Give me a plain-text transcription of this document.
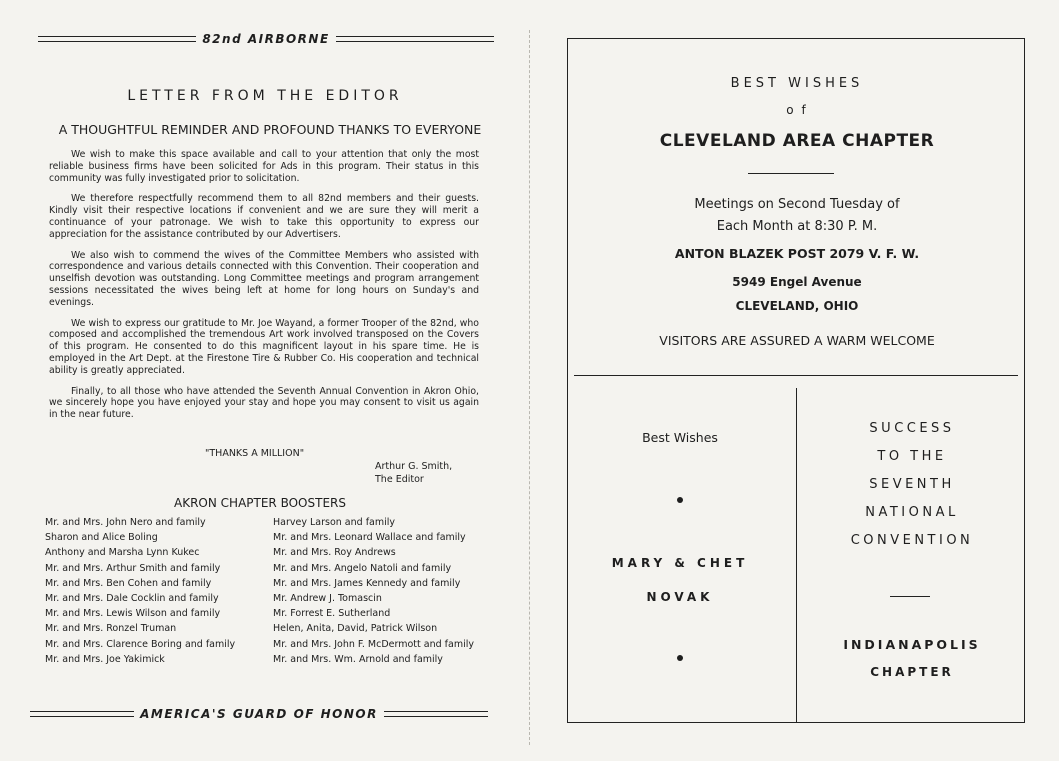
82nd AIRBORNE
LETTER FROM THE EDITOR
A THOUGHTFUL REMINDER AND PROFOUND THANKS TO EVERYONE

We wish to make this space available and call to your attention that only the most reliable business firms have been solicited for Ads in this program. Their status in this community was fully investigated prior to solicitation.

We therefore respectfully recommend them to all 82nd members and their guests. Kindly visit their respective locations if convenient and we are sure they will merit a continuance of your patronage. We wish to take this opportunity to express our appreciation for the assistance contributed by our Advertisers.

We also wish to commend the wives of the Committee Members who assisted with correspondence and various details connected with this Convention. Their cooperation and unselfish devotion was outstanding. Long Committee meetings and program arrangement sessions necessitated the wives being left at home for long hours on Sunday's and evenings.

We wish to express our gratitude to Mr. Joe Wayand, a former Trooper of the 82nd, who composed and accomplished the tremendous Art work involved transposed on the Covers of this program. He consented to do this magnificent layout in his spare time. He is employed in the Art Dept. at the Firestone Tire & Rubber Co. His cooperation and technical ability is greatly appreciated.

Finally, to all those who have attended the Seventh Annual Convention in Akron Ohio, we sincerely hope you have enjoyed your stay and hope you may consent to visit us again in the near future.

"THANKS A MILLION"
Arthur G. Smith,
The Editor
AKRON CHAPTER BOOSTERS
Mr. and Mrs. John Nero and family
Sharon and Alice Boling
Anthony and Marsha Lynn Kukec
Mr. and Mrs. Arthur Smith and family
Mr. and Mrs. Ben Cohen and family
Mr. and Mrs. Dale Cocklin and family
Mr. and Mrs. Lewis Wilson and family
Mr. and Mrs. Ronzel Truman
Mr. and Mrs. Clarence Boring and family
Mr. and Mrs. Joe Yakimick
Harvey Larson and family
Mr. and Mrs. Leonard Wallace and family
Mr. and Mrs. Roy Andrews
Mr. and Mrs. Angelo Natoli and family
Mr. and Mrs. James Kennedy and family
Mr. Andrew J. Tomascin
Mr. Forrest E. Sutherland
Helen, Anita, David, Patrick Wilson
Mr. and Mrs. John F. McDermott and family
Mr. and Mrs. Wm. Arnold and family
AMERICA'S GUARD OF HONOR
BEST WISHES
o f
CLEVELAND AREA CHAPTER
Meetings on Second Tuesday of
Each Month at 8:30 P. M.
ANTON BLAZEK POST 2079 V. F. W.
5949 Engel Avenue
CLEVELAND, OHIO
VISITORS ARE ASSURED A WARM WELCOME
Best Wishes
MARY & CHET
NOVAK
SUCCESS
TO THE
SEVENTH
NATIONAL
CONVENTION
INDIANAPOLIS
CHAPTER
